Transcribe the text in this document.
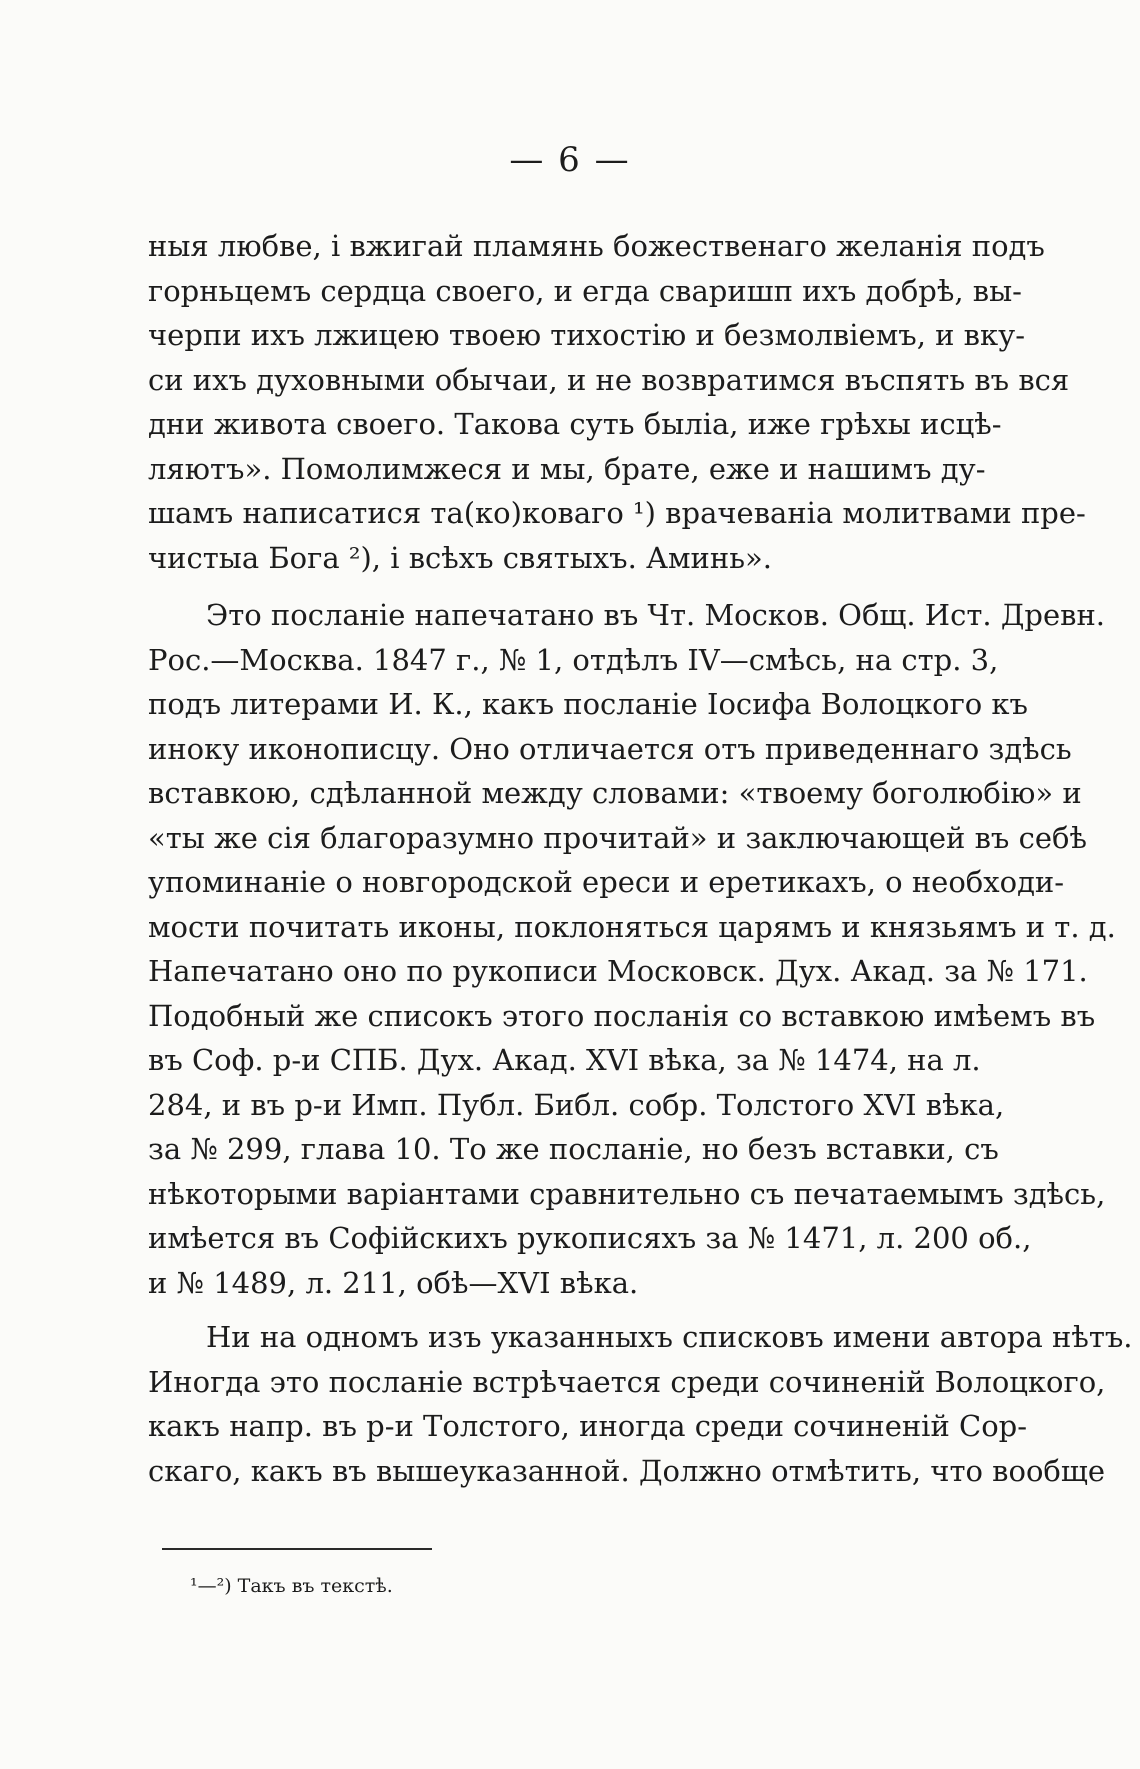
— 6 —
ныя любве, і вжигай пламянь божественаго желанія подъ
горньцемъ сердца своего, и егда сваришп ихъ добрѣ, вы-
черпи ихъ лжицею твоею тихостію и безмолвіемъ, и вку-
си ихъ духовными обычаи, и не возвратимся въспять въ вся
дни живота своего. Такова суть быліа, иже грѣхы исцѣ-
ляютъ». Помолимжеся и мы, брате, еже и нашимъ ду-
шамъ написатися та(ко)коваго ¹) врачеваніа молитвами пре-
чистыа Бога ²), і всѣхъ святыхъ. Аминь».
Это посланіе напечатано въ Чт. Москов. Общ. Ист. Древн.
Рос.—Москва. 1847 г., № 1, отдѣлъ IV—смѣсь, на стр. 3,
подъ литерами И. К., какъ посланіе Іосифа Волоцкого къ
иноку иконописцу. Оно отличается отъ приведеннаго здѣсь
вставкою, сдѣланной между словами: «твоему боголюбію» и
«ты же сія благоразумно прочитай» и заключающей въ себѣ
упоминаніе о новгородской ереси и еретикахъ, о необходи-
мости почитать иконы, поклоняться царямъ и князьямъ и т. д.
Напечатано оно по рукописи Московск. Дух. Акад. за № 171.
Подобный же списокъ этого посланія со вставкою имѣемъ въ
въ Соф. р-и СПБ. Дух. Акад. XVI вѣка, за № 1474, на л.
284, и въ р-и Имп. Публ. Библ. собр. Толстого XVI вѣка,
за № 299, глава 10. То же посланіе, но безъ вставки, съ
нѣкоторыми варіантами сравнительно съ печатаемымъ здѣсь,
имѣется въ Софійскихъ рукописяхъ за № 1471, л. 200 об.,
и № 1489, л. 211, обѣ—XVI вѣка.
Ни на одномъ изъ указанныхъ списковъ имени автора нѣтъ.
Иногда это посланіе встрѣчается среди сочиненій Волоцкого,
какъ напр. въ р-и Толстого, иногда среди сочиненій Сор-
скаго, какъ въ вышеуказанной. Должно отмѣтить, что вообще
¹—²) Такъ въ текстѣ.
